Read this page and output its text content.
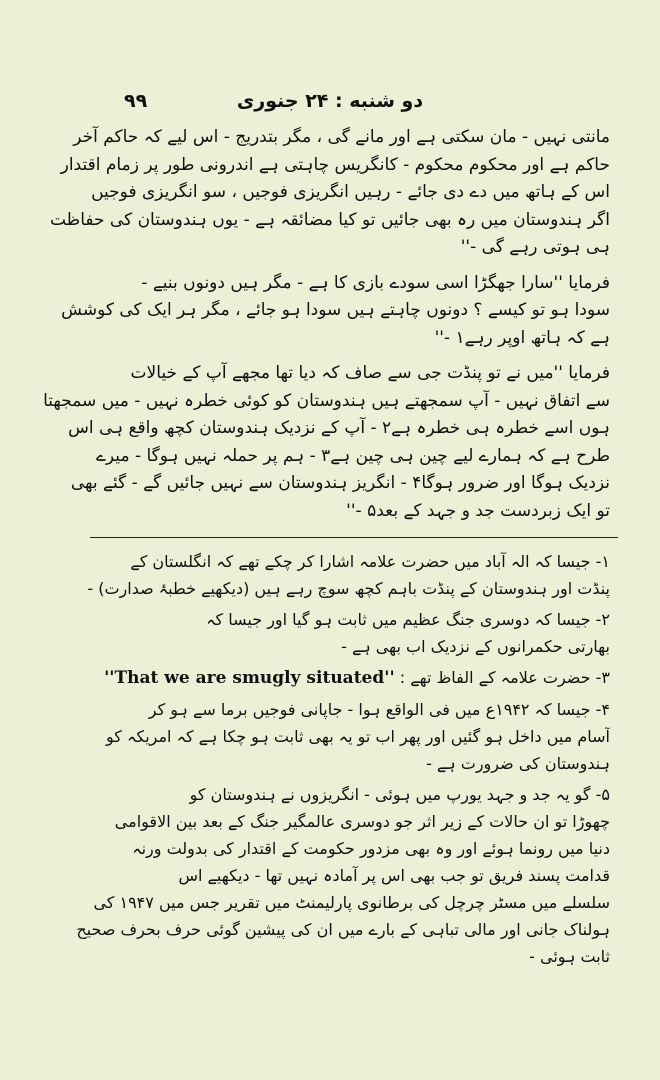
۹۹	دو شنبه : ۲۴ جنوری

مانتی نہیں - مان سکتی ہے اور مانے گی ، مگر بتدریج - اس لیے کہ حاکم آخر
حاکم ہے اور محکوم محکوم - کانگریس چاہتی ہے اندرونی طور پر زمام اقتدار
اس کے ہاتھ میں دے دی جائے - رہیں انگریزی فوجیں ، سو انگریزی فوجیں
اگر ہندوستان میں رہ بھی جائیں تو کیا مضائقہ ہے - یوں ہندوستان کی حفاظت
ہی ہوتی رہے گی -''

فرمایا ''سارا جھگڑا اسی سودے بازی کا ہے - مگر ہیں دونوں بنیے -
سودا ہو تو کیسے ؟ دونوں چاہتے ہیں سودا ہو جائے ، مگر ہر ایک کی کوشش
ہے کہ ہاتھ اوپر رہے۱ -''

فرمایا ''میں نے تو پنڈت جی سے صاف کہ دیا تھا مجھے آپ کے خیالات
سے اتفاق نہیں - آپ سمجھتے ہیں ہندوستان کو کوئی خطرہ نہیں - میں سمجھتا
ہوں اسے خطرہ ہی خطرہ ہے۲ - آپ کے نزدیک ہندوستان کچھ واقع ہی اس
طرح ہے کہ ہمارے لیے چین ہی چین ہے۳ - ہم پر حملہ نہیں ہوگا - میرے
نزدیک ہوگا اور ضرور ہوگا۴ - انگریز ہندوستان سے نہیں جائیں گے - گئے بھی
تو ایک زبردست جد و جہد کے بعد۵ -''

۱- جیسا کہ الہ آباد میں حضرت علامہ اشارا کر چکے تھے کہ انگلستان کے
پنڈت اور ہندوستان کے پنڈت باہم کچھ سوچ رہے ہیں (دیکھیے خطبۂ صدارت) -

۲- جیسا کہ دوسری جنگ عظیم میں ثابت ہو گیا اور جیسا کہ
بھارتی حکمرانوں کے نزدیک اب بھی ہے -

۳- حضرت علامہ کے الفاظ تھے : ''That we are smugly situated''

۴- جیسا کہ ۱۹۴۲ع میں فی الواقع ہوا - جاپانی فوجیں برما سے ہو کر
آسام میں داخل ہو گئیں اور پھر اب تو یہ بھی ثابت ہو چکا ہے کہ امریکہ کو
ہندوستان کی ضرورت ہے -

۵- گو یہ جد و جہد یورپ میں ہوئی - انگریزوں نے ہندوستان کو
چھوڑا تو ان حالات کے زیر اثر جو دوسری عالمگیر جنگ کے بعد بین الاقوامی
دنیا میں رونما ہوئے اور وہ بھی مزدور حکومت کے اقتدار کی بدولت ورنہ
قدامت پسند فریق تو جب بھی اس پر آمادہ نہیں تھا - دیکھیے اس
سلسلے میں مسٹر چرچل کی برطانوی پارلیمنٹ میں تقریر جس میں ۱۹۴۷ کی
ہولناک جانی اور مالی تباہی کے بارے میں ان کی پیشین گوئی حرف بحرف صحیح
ثابت ہوئی -
